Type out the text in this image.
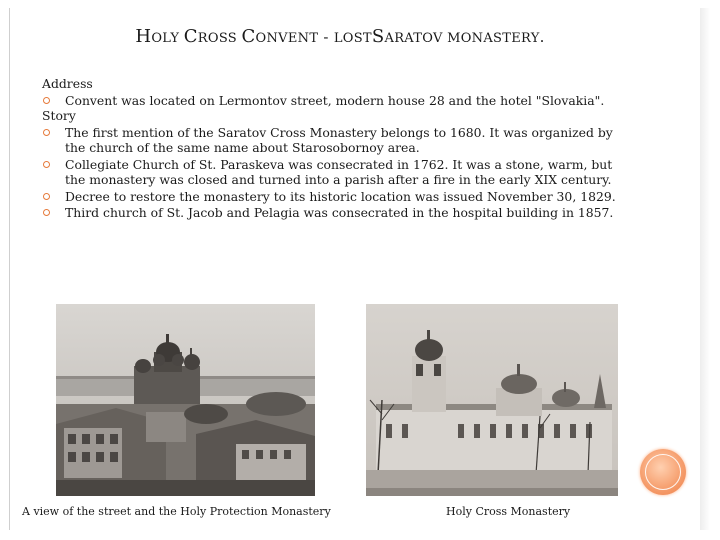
HOLY CROSS CONVENT - LOSTSARATOV MONASTERY.

Address

Convent was located on Lermontov street, modern house 28 and the hotel "Slovakia".

Story

The first mention of the Saratov Cross Monastery belongs to 1680. It was organized by the church of the same name about Starosobornoy area.

Collegiate Church of St. Paraskeva was consecrated in 1762. It was a stone, warm, but the monastery was closed and turned into a parish after a fire in the early XIX century.

Decree to restore the monastery to its historic location was issued November 30, 1829.

Third church of St. Jacob and Pelagia was consecrated in the hospital building in 1857.

A view of the street and the Holy Protection Monastery	Holy Cross Monastery
